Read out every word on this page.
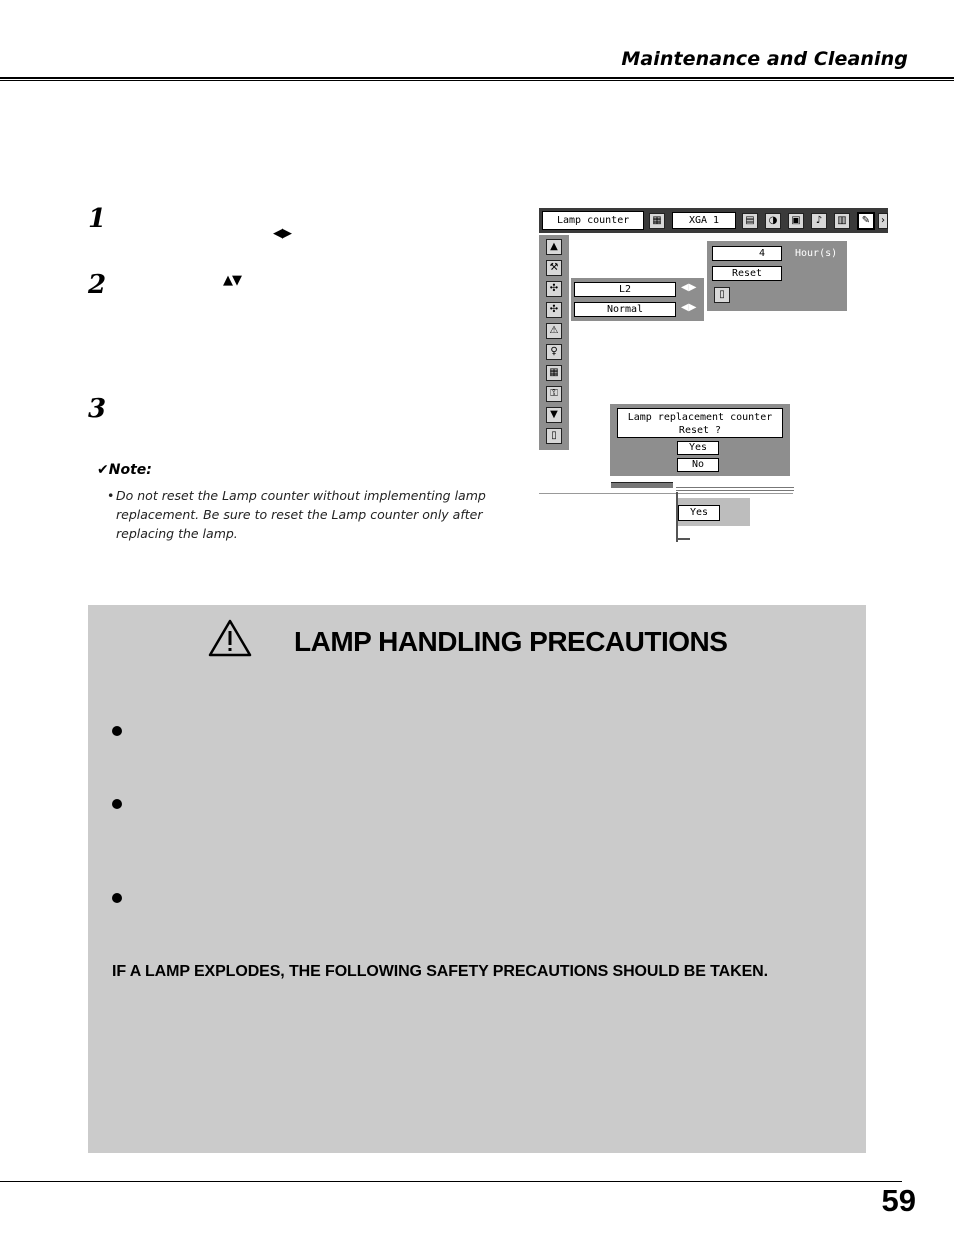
Maintenance and Cleaning
1	◀▶
2	▲▼
3
✔Note:
• Do not reset the Lamp counter without implementing lamp replacement. Be sure to reset the Lamp counter only after replacing the lamp.
Lamp counter	▦	XGA 1	▤	◑	▣	♪	▥	✎	›
▲
⚒
✣
✣
⚠
♀
▦
⚿
▼
▯
L2	◀▶
Normal	◀▶
4	Hour(s)
Reset
▯
Lamp replacement counter
Reset ?
Yes
No
Yes
LAMP HANDLING PRECAUTIONS
IF A LAMP EXPLODES, THE FOLLOWING SAFETY PRECAUTIONS SHOULD BE TAKEN.
59
